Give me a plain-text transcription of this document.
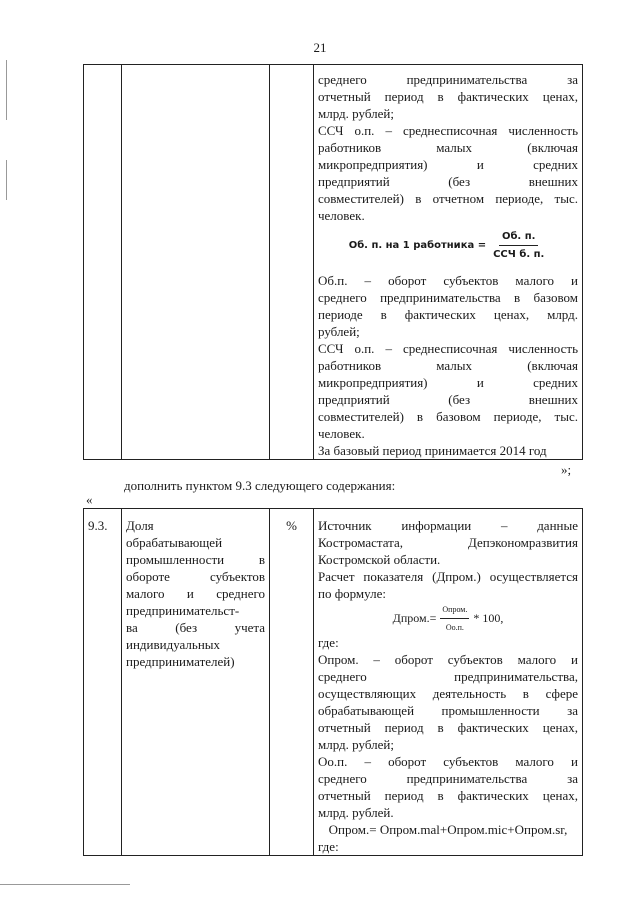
21

среднего предпринимательства за

отчетный период в фактических ценах,

млрд. рублей;

ССЧ о.п. – среднесписочная численность

работников малых (включая

микропредприятия) и средних

предприятий (без внешних

совместителей) в отчетном периоде, тыс.

человек.

Об. п. на 1 работника = $\frac{Об. п.}{\text{ССЧ б. п.}}$

Об.п. – оборот субъектов малого и

среднего предпринимательства в базовом

периоде в фактических ценах, млрд.

рублей;

ССЧ о.п. – среднесписочная численность

работников малых (включая

микропредприятия) и средних

предприятий (без внешних

совместителей) в базовом периоде, тыс.

человек.

За базовый период принимается 2014 год

»;
дополнить пунктом 9.3 следующего содержания:
«
9.3.	Доля

обрабатывающей

промышленности в

обороте субъектов

малого и среднего

предпринимательст-

ва (без учета

индивидуальных

предпринимателей)

	%	Источник информации – данные

Костромастата, Депэкономразвития

Костромской области.

Расчет показателя (Дпром.) осуществляется

по формуле:

Дпром.= $\frac{\text{Опром.}}{Оо.п.} * 100$,

где:

Опром. – оборот субъектов малого и

среднего предпринимательства,

осуществляющих деятельность в сфере

обрабатывающей промышленности за

отчетный период в фактических ценах,

млрд. рублей;

Оо.п. – оборот субъектов малого и

среднего предпринимательства за

отчетный период в фактических ценах,

млрд. рублей.

Опром.= Опром.mal+Опром.mic+Опром.sr,

где:
